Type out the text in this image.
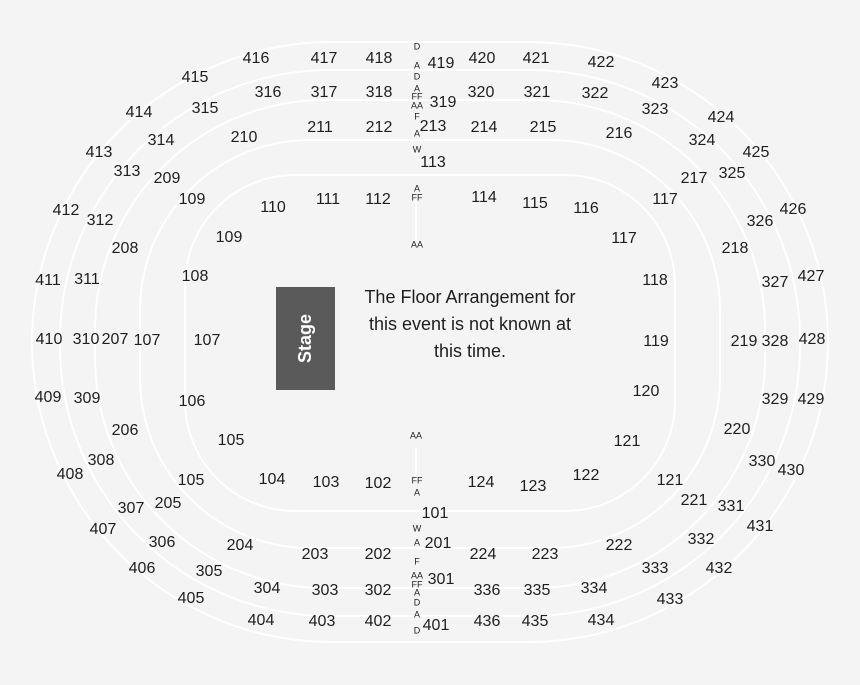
416	417 418 419 420 421 422
415	423
414	424
413	425
412	426
411	427
410	428
409	429
408	430
407	431
406	432
405	433
404 403 402 401 436 435 434
316 317 318
319
320 321 322
315	323
314	324
313	325
312	326
311	327
310	328
309	329
308	330
307	331
306	332
305	333
304 303 302
301
336 335 334
210
211 212 213 214 215	216
209	217
208	218
207	219
206	220
205	221
204	222
203 202
201
224 223
113
109	110 111 112	114 115 116
117
109	117
108	118
107 107	119
106
120
105	121
105	104 103 102	124 123
122	121
101
D
A
D
A
FF
AA
F
A
W
A
FF
AA
AA
FF
A
W
A
F
AA
FF
A
D
A
D
Stage
The Floor Arrangement for this event is not known at this time.
